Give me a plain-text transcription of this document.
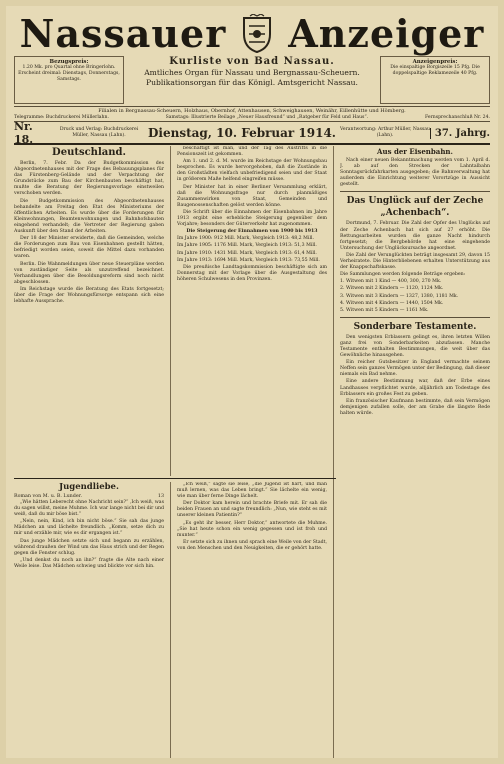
Nassauer Anzeiger
Bezugspreis:
1.20 Mk. pro Quartal ohne Bringerlohn. Erscheint dreimal: Dienstags, Donnerstags, Samstags.
Kurliste von Bad Nassau.
Amtliches Organ für Nassau und Bergnassau-Scheuern.
Publikationsorgan für das Königl. Amtsgericht Nassau.
Anzeigenpreis:
Die einspaltige Borgiszeile 15 Pfg. Die doppelspaltige Reklamezeile 40 Pfg.
Filialen in Bergnassau-Scheuern, Holzhaus, Obernhof, Attenhausen, Schweighausen, Weinähr, Eillenhütte und Hömberg.
Telegramme: Buchdruckerei Müllerlahn.	Samstags: Illustrierte Beilage „Neuer Hausfreund“ und „Ratgeber für Feld und Haus“.	Fernsprechanschluß Nr. 24.
Nr. 18.
Druck und Verlag: Buchdruckerei Müller, Nassau (Lahn).	Dienstag, 10. Februar 1914. Verantwortung: Arthur Müller, Nassau (Lahn).	37. Jahrg.
Deutschland.

Berlin, 7. Febr. Da der Budgetkommission des Abgeordnetenhauses mit der Frage des Bebauungsplanes für das Fürstenberg-Gelände und der Verpachtung der Grundstücke zum Bau der Kirchenbauten beschäftigt hat, mußte die Beratung der Regierungsvorlage einstweilen verschoben werden.

Die Budgetkommission des Abgeordnetenhauses behandelte am Freitag den Etat des Ministeriums der öffentlichen Arbeiten. Es wurde über die Forderungen für Kleinwohnungen, Beamtenwohnungen und Bahnhofsbauten eingehend verhandelt; die Vertreter der Regierung gaben Auskunft über den Stand der Arbeiten.

Der 18 der Minister erwiderte, daß die Gemeinden, welche die Forderungen zum Bau von Eisenbahnen gestellt hätten, befriedigt worden seien, soweit die Mittel dazu vorhanden waren.

Berlin. Die Wahnmeldungen über neue Steuerpläne werden von zuständiger Seite als unzutreffend bezeichnet. Verhandlungen über die Besoldungsreform sind noch nicht abgeschlossen.

Im Reichstage wurde die Beratung des Etats fortgesetzt; über die Frage der Wohnungsfürsorge entspann sich eine lebhafte Aussprache.

beschäftigt ist man, und der Tag des Austritts in die Pensionszeit ist gekommen.

Am 1. und 2. d. M. wurde im Reichstage der Wohnungsbau besprochen. Es wurde hervorgehoben, daß die Zustände in den Großstädten vielfach unbefriedigend seien und der Staat in größerem Maße helfend eingreifen müsse.

Der Minister hat in einer Berliner Versammlung erklärt, daß die Wohnungsfrage nur durch planmäßiges Zusammenwirken von Staat, Gemeinden und Baugenossenschaften gelöst werden könne.

Die Schrift über die Einnahmen der Eisenbahnen im Jahre 1913 ergibt eine erhebliche Steigerung gegenüber dem Vorjahre; besonders der Güterverkehr hat zugenommen.

Die Steigerung der Einnahmen von 1900 bis 1913

Im Jahre 1900: 912 Mill. Mark, Vergleich 1913: 48,2 Mill.

Im Jahre 1905: 1176 Mill. Mark, Vergleich 1913: 51,3 Mill.

Im Jahre 1910: 1431 Mill. Mark, Vergleich 1913: 61,4 Mill.

Im Jahre 1913: 1694 Mill. Mark, Vergleich 1913: 73,55 Mill.

Die preußische Landtagskommission beschäftigte sich am Donnerstag mit der Vorlage über die Ausgestaltung des höheren Schulwesens in den Provinzen.

Aus der Eisenbahn.

Nach einer neuen Bekanntmachung werden vom 1. April d. J. ab auf den Strecken der Lahntalbahn Sonntagsrückfahrkarten ausgegeben; die Bahnverwaltung hat außerdem die Einrichtung weiterer Vorortzüge in Aussicht gestellt.

Das Unglück auf der Zeche „Achenbach“.

Dortmund, 7. Februar. Die Zahl der Opfer des Unglücks auf der Zeche Achenbach hat sich auf 27 erhöht. Die Rettungsarbeiten wurden die ganze Nacht hindurch fortgesetzt; die Bergbehörde hat eine eingehende Untersuchung der Unglücksursache angeordnet.

Die Zahl der Verunglückten beträgt insgesamt 29, davon 15 Verheiratete. Die Hinterbliebenen erhalten Unterstützung aus der Knappschaftskasse.

Die Sammlungen werden folgende Beträge ergeben:

1. Witwen mit 1 Kind — 400, 300, 270 Mk.

2. Witwen mit 2 Kindern — 1120, 1124 Mk.

3. Witwen mit 3 Kindern — 1327, 1380, 1181 Mk.

4. Witwen mit 4 Kindern — 1440, 1504 Mk.

5. Witwen mit 5 Kindern — 1161 Mk.

Sonderbare Testamente.

Den wenigsten Erblassern gelingt es, ihren letzten Willen ganz frei von Sonderbarkeiten abzufassen. Manche Testamente enthalten Bestimmungen, die weit über das Gewöhnliche hinausgehen.

Ein reicher Gutsbesitzer in England vermachte seinem Neffen sein ganzes Vermögen unter der Bedingung, daß dieser niemals ein Bad nehme.

Eine andere Bestimmung war, daß der Erbe eines Landhauses verpflichtet wurde, alljährlich am Todestage des Erblassers ein großes Fest zu geben.

Ein französischer Kaufmann bestimmte, daß sein Vermögen demjenigen zufallen solle, der am Grabe die längste Rede halten würde.

Jugendliebe.
Roman von M. u. B. Lunder.	13

„Wie hätten Leberecht ohne Nachricht sein?“ ,Ich weiß, was du sagen willst, meine Muhme. Ich war lange nicht bei dir und weiß, daß du mir böse bist.“

„Nein, nein, Kind, ich bin nicht böse.“ Sie sah das junge Mädchen an und lächelte freundlich. „Komm, setze dich zu mir und erzähle mir, wie es dir ergangen ist.“

Das junge Mädchen setzte sich und begann zu erzählen, während draußen der Wind um das Haus strich und der Regen gegen die Fenster schlug.

„Und denkst du noch an ihn?“ fragte die Alte nach einer Weile leise. Das Mädchen schwieg und blickte vor sich hin.

„Ich weiß,“ sagte sie leise, „die Jugend ist hart, und man muß lernen, was das Leben bringt.“ Sie lächelte ein wenig, wie man über ferne Dinge lächelt.

Der Doktor kam herein und brachte Briefe mit. Er sah die beiden Frauen an und sagte freundlich: „Nun, wie steht es mit unserer kleinen Patientin?“

„Es geht ihr besser, Herr Doktor,“ antwortete die Muhme. „Sie hat heute schon ein wenig gegessen und ist froh und munter.“

Er setzte sich zu ihnen und sprach eine Weile von der Stadt, von den Menschen und den Neuigkeiten, die er gehört hatte.
